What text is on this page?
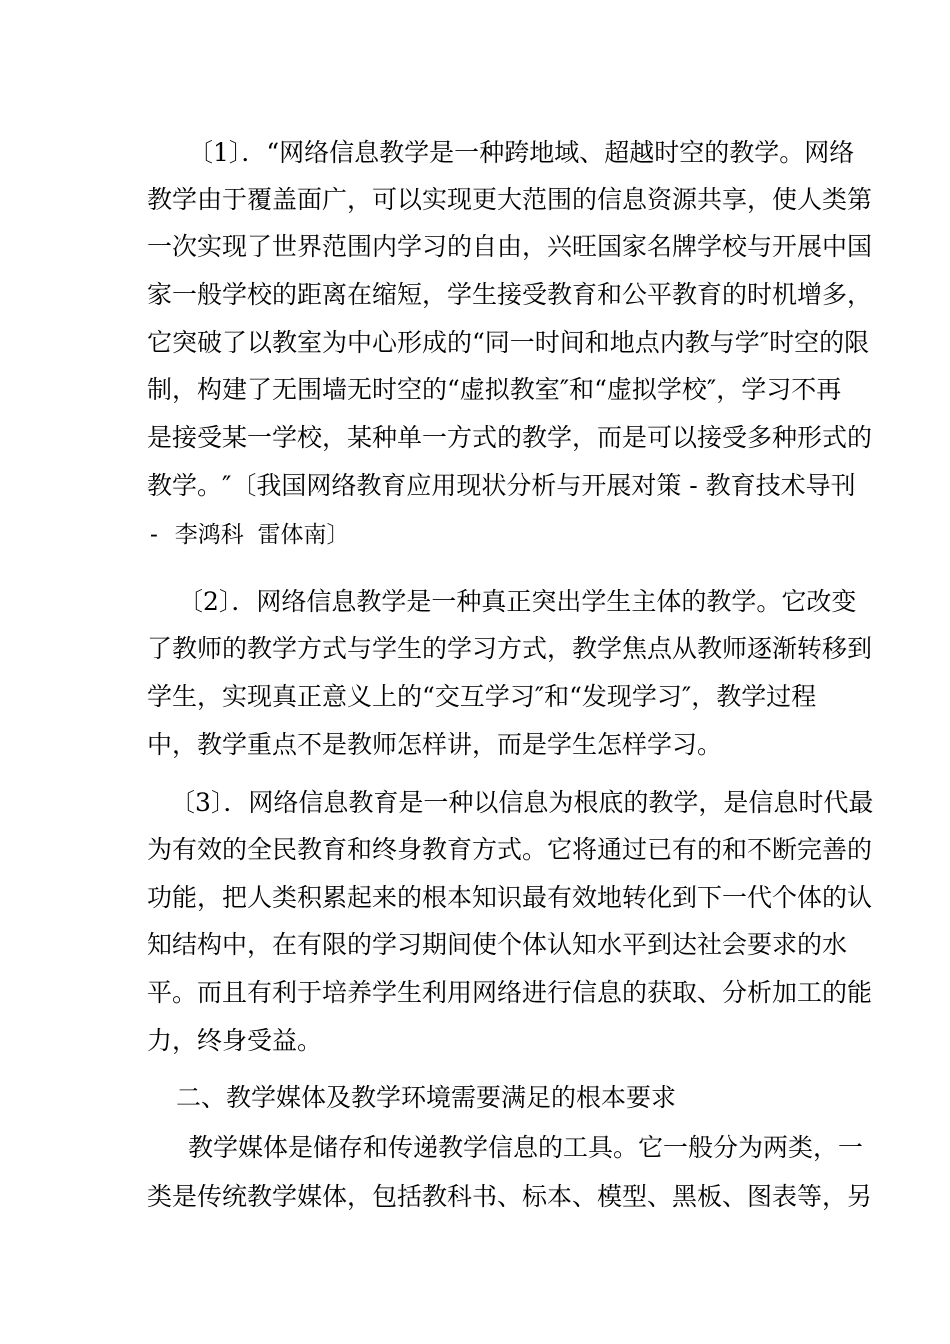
〔1〕．“网络信息教学是一种跨地域、超越时空的教学。网络
教学由于覆盖面广，可以实现更大范围的信息资源共享，使人类第
一次实现了世界范围内学习的自由，兴旺国家名牌学校与开展中国
家一般学校的距离在缩短，学生接受教育和公平教育的时机增多，
它突破了以教室为中心形成的“同一时间和地点内教与学″时空的限
制，构建了无围墙无时空的“虚拟教室″和“虚拟学校″，学习不再
是接受某一学校，某种单一方式的教学，而是可以接受多种形式的
教学。″〔我国网络教育应用现状分析与开展对策 - 教育技术导刊
- 李鸿科 雷体南〕
〔2〕．网络信息教学是一种真正突出学生主体的教学。它改变
了教师的教学方式与学生的学习方式，教学焦点从教师逐渐转移到
学生，实现真正意义上的“交互学习″和“发现学习″，教学过程
中，教学重点不是教师怎样讲，而是学生怎样学习。
〔3〕．网络信息教育是一种以信息为根底的教学，是信息时代最
为有效的全民教育和终身教育方式。它将通过已有的和不断完善的
功能，把人类积累起来的根本知识最有效地转化到下一代个体的认
知结构中，在有限的学习期间使个体认知水平到达社会要求的水
平。而且有利于培养学生利用网络进行信息的获取、分析加工的能
力，终身受益。
二、教学媒体及教学环境需要满足的根本要求
教学媒体是储存和传递教学信息的工具。它一般分为两类，一
类是传统教学媒体，包括教科书、标本、模型、黑板、图表等，另
